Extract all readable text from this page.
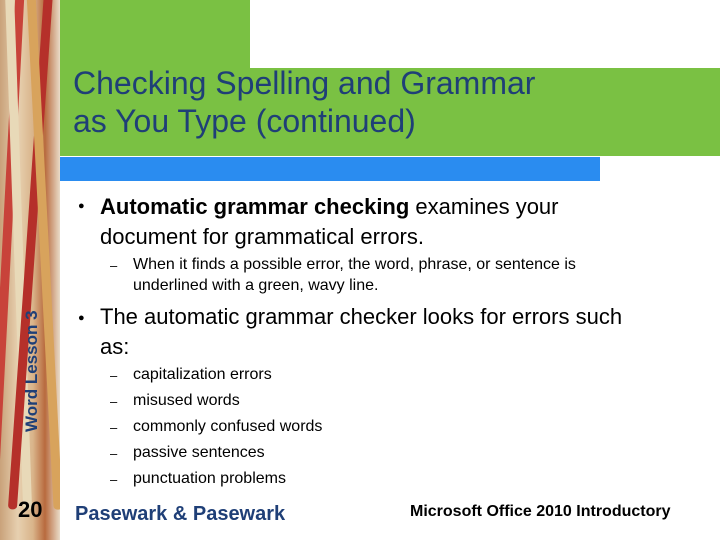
Checking Spelling and Grammar
as You Type (continued)
Word Lesson 3
20
● Automatic grammar checking examines your document for grammatical errors.
– When it finds a possible error, the word, phrase, or sentence is underlined with a green, wavy line.
● The automatic grammar checker looks for errors such as:
– capitalization errors
– misused words
– commonly confused words
– passive sentences
– punctuation problems
Pasewark & Pasewark	Microsoft Office 2010 Introductory
